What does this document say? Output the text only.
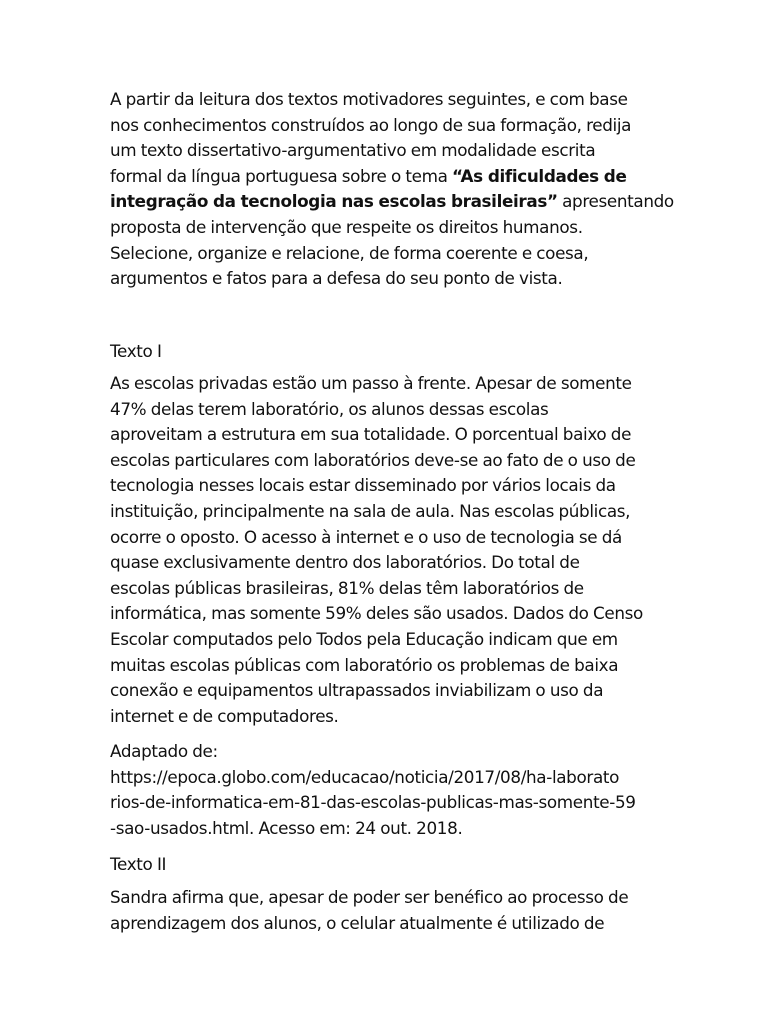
A partir da leitura dos textos motivadores seguintes, e com base
nos conhecimentos construídos ao longo de sua formação, redija
um texto dissertativo-argumentativo em modalidade escrita
formal da língua portuguesa sobre o tema “As dificuldades de
integração da tecnologia nas escolas brasileiras” apresentando
proposta de intervenção que respeite os direitos humanos.
Selecione, organize e relacione, de forma coerente e coesa,
argumentos e fatos para a defesa do seu ponto de vista.
Texto I
As escolas privadas estão um passo à frente. Apesar de somente
47% delas terem laboratório, os alunos dessas escolas
aproveitam a estrutura em sua totalidade. O porcentual baixo de
escolas particulares com laboratórios deve-se ao fato de o uso de
tecnologia nesses locais estar disseminado por vários locais da
instituição, principalmente na sala de aula. Nas escolas públicas,
ocorre o oposto. O acesso à internet e o uso de tecnologia se dá
quase exclusivamente dentro dos laboratórios. Do total de
escolas públicas brasileiras, 81% delas têm laboratórios de
informática, mas somente 59% deles são usados. Dados do Censo
Escolar computados pelo Todos pela Educação indicam que em
muitas escolas públicas com laboratório os problemas de baixa
conexão e equipamentos ultrapassados inviabilizam o uso da
internet e de computadores.
Adaptado de:
https://epoca.globo.com/educacao/noticia/2017/08/ha-laborato
rios-de-informatica-em-81-das-escolas-publicas-mas-somente-59
-sao-usados.html. Acesso em: 24 out. 2018.
Texto II
Sandra afirma que, apesar de poder ser benéfico ao processo de
aprendizagem dos alunos, o celular atualmente é utilizado de
